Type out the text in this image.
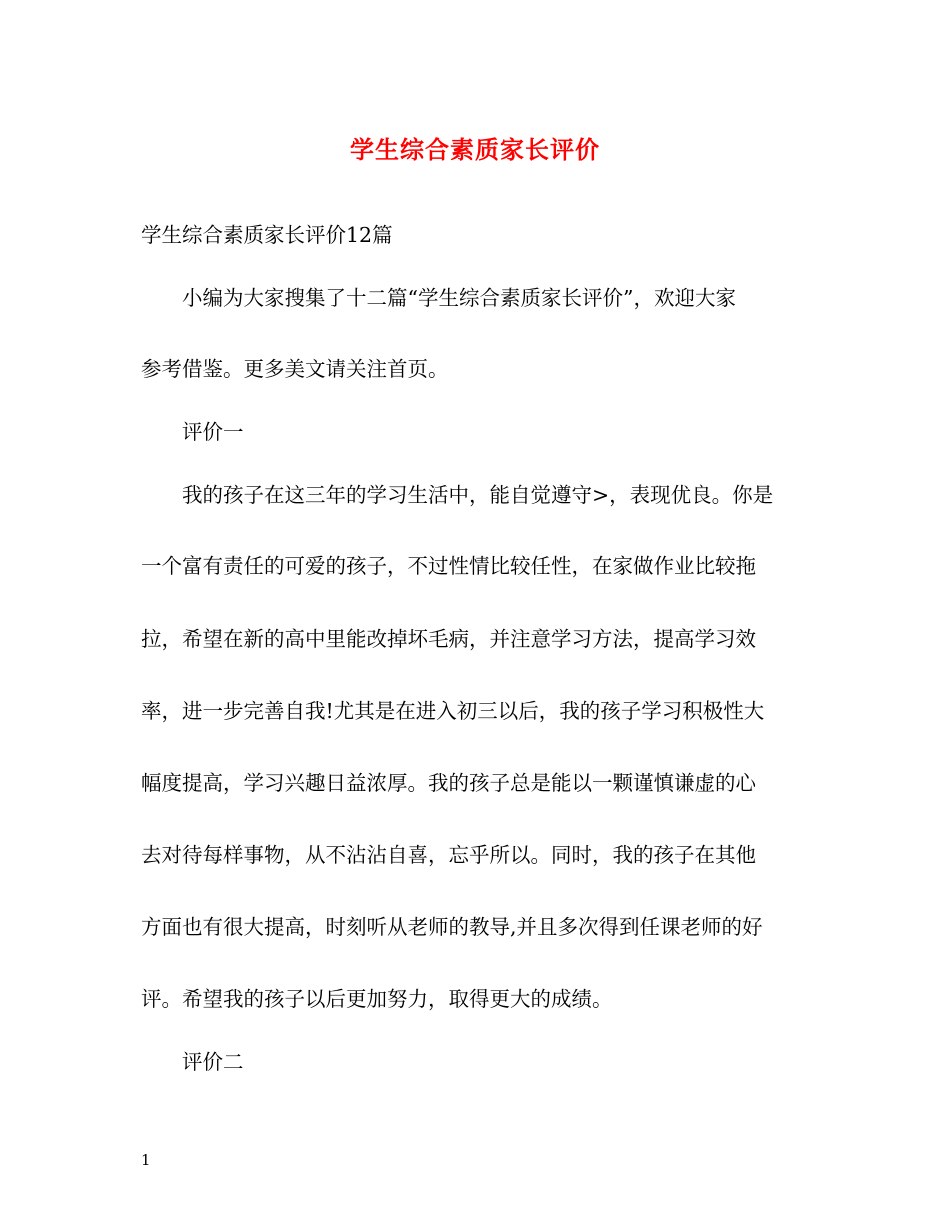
学生综合素质家长评价
学生综合素质家长评价12篇
小编为大家搜集了十二篇“学生综合素质家长评价”，欢迎大家
参考借鉴。更多美文请关注首页。
评价一
我的孩子在这三年的学习生活中，能自觉遵守>，表现优良。你是
一个富有责任的可爱的孩子，不过性情比较任性，在家做作业比较拖
拉，希望在新的高中里能改掉坏毛病，并注意学习方法，提高学习效
率，进一步完善自我!尤其是在进入初三以后，我的孩子学习积极性大
幅度提高，学习兴趣日益浓厚。我的孩子总是能以一颗谨慎谦虚的心
去对待每样事物，从不沾沾自喜，忘乎所以。同时，我的孩子在其他
方面也有很大提高，时刻听从老师的教导,并且多次得到任课老师的好
评。希望我的孩子以后更加努力，取得更大的成绩。
评价二
1
